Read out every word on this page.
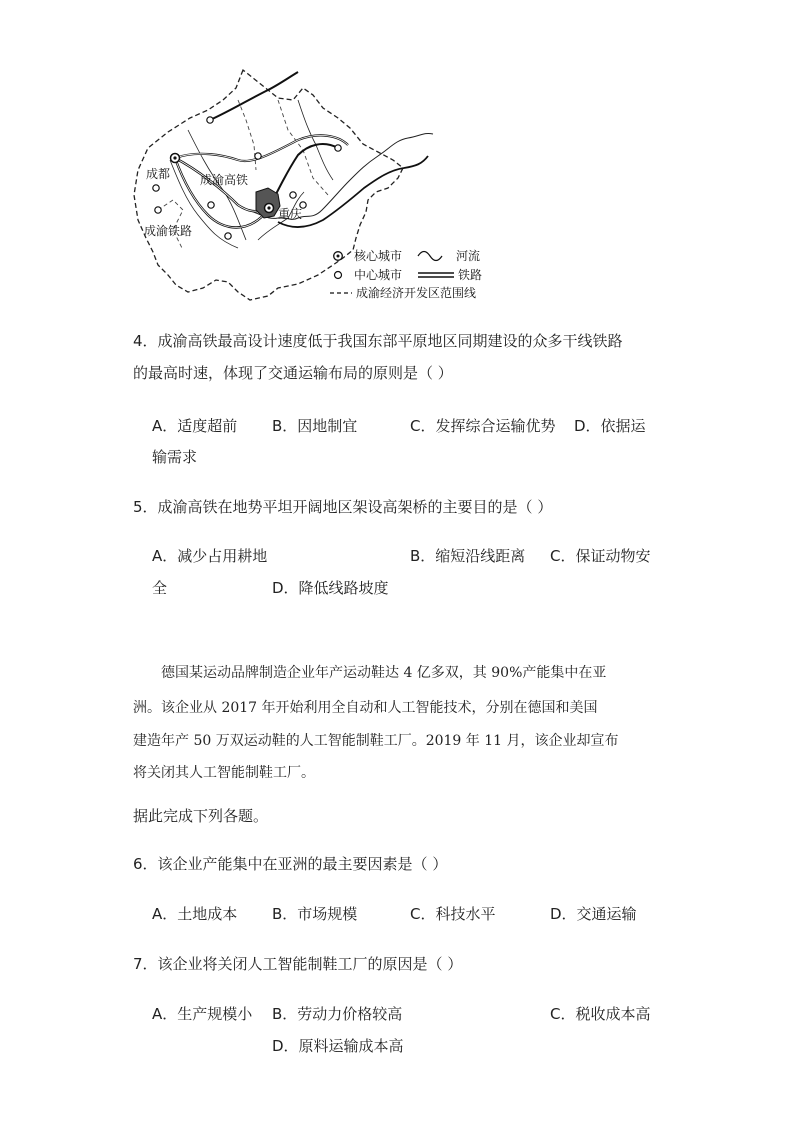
成都 成渝高铁
成渝铁路
重庆
核心城市	河流
中心城市	铁路
成渝经济开发区范围线
4．成渝高铁最高设计速度低于我国东部平原地区同期建设的众多干线铁路
的最高时速，体现了交通运输布局的原则是（ ）
A．适度超前 B．因地制宜	C．发挥综合运输优势 D．依据运
输需求
5．成渝高铁在地势平坦开阔地区架设高架桥的主要目的是（ ）
A．减少占用耕地	B．缩短沿线距离 C．保证动物安
全	D．降低线路坡度
德国某运动品牌制造企业年产运动鞋达 4 亿多双，其 90%产能集中在亚
洲。该企业从 2017 年开始利用全自动和人工智能技术，分别在德国和美国
建造年产 50 万双运动鞋的人工智能制鞋工厂。2019 年 11 月，该企业却宣布
将关闭其人工智能制鞋工厂。
据此完成下列各题。
6．该企业产能集中在亚洲的最主要因素是（ ）
A．土地成本 B．市场规模	C．科技水平	D．交通运输
7．该企业将关闭人工智能制鞋工厂的原因是（ ）
A．生产规模小 B．劳动力价格较高	C．税收成本高
D．原料运输成本高
